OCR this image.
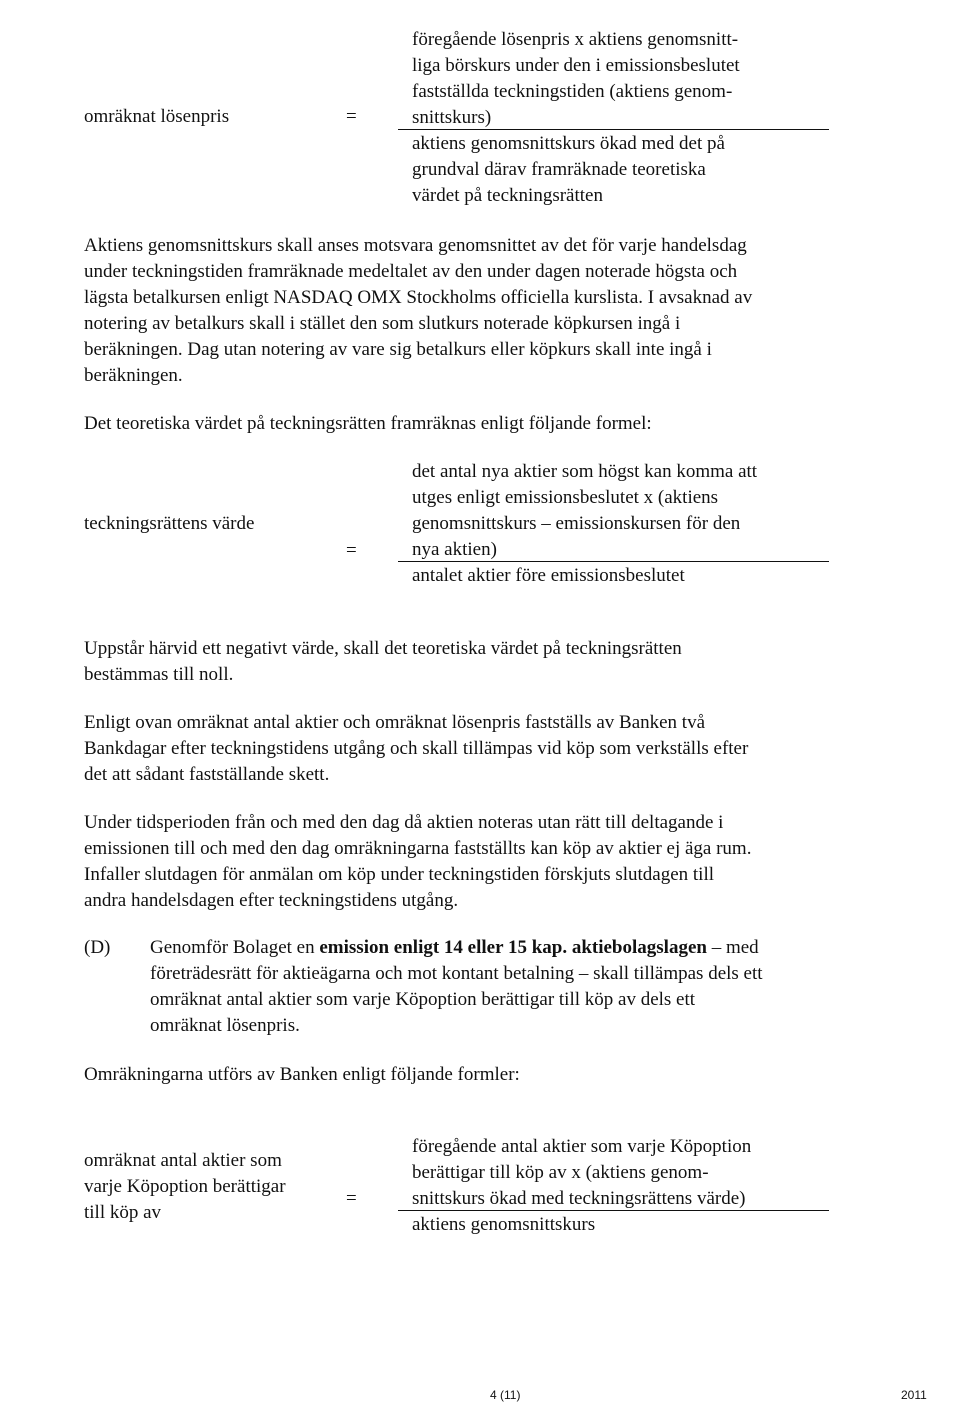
omräknat lösenpris	=
föregående lösenpris x aktiens genomsnitt-
liga börskurs under den i emissionsbeslutet
fastställda teckningstiden (aktiens genom-
snittskurs)
aktiens genomsnittskurs ökad med det på
grundval därav framräknade teoretiska
värdet på teckningsrätten
Aktiens genomsnittskurs skall anses motsvara genomsnittet av det för varje handelsdag
under teckningstiden framräknade medeltalet av den under dagen noterade högsta och
lägsta betalkursen enligt NASDAQ OMX Stockholms officiella kurslista. I avsaknad av
notering av betalkurs skall i stället den som slutkurs noterade köpkursen ingå i
beräkningen. Dag utan notering av vare sig betalkurs eller köpkurs skall inte ingå i
beräkningen.
Det teoretiska värdet på teckningsrätten framräknas enligt följande formel:
teckningsrättens värde
=
det antal nya aktier som högst kan komma att
utges enligt emissionsbeslutet x (aktiens
genomsnittskurs – emissionskursen för den
nya aktien)
antalet aktier före emissionsbeslutet
Uppstår härvid ett negativt värde, skall det teoretiska värdet på teckningsrätten
bestämmas till noll.
Enligt ovan omräknat antal aktier och omräknat lösenpris fastställs av Banken två
Bankdagar efter teckningstidens utgång och skall tillämpas vid köp som verkställs efter
det att sådant fastställande skett.
Under tidsperioden från och med den dag då aktien noteras utan rätt till deltagande i
emissionen till och med den dag omräkningarna fastställts kan köp av aktier ej äga rum.
Infaller slutdagen för anmälan om köp under teckningstiden förskjuts slutdagen till
andra handelsdagen efter teckningstidens utgång.
(D) Genomför Bolaget en emission enligt 14 eller 15 kap. aktiebolagslagen – med
företrädesrätt för aktieägarna och mot kontant betalning – skall tillämpas dels ett
omräknat antal aktier som varje Köpoption berättigar till köp av dels ett
omräknat lösenpris.
Omräkningarna utförs av Banken enligt följande formler:
omräknat antal aktier som
varje Köpoption berättigar
till köp av
=
föregående antal aktier som varje Köpoption
berättigar till köp av x (aktiens genom-
snittskurs ökad med teckningsrättens värde)
aktiens genomsnittskurs
4 (11)	2011
